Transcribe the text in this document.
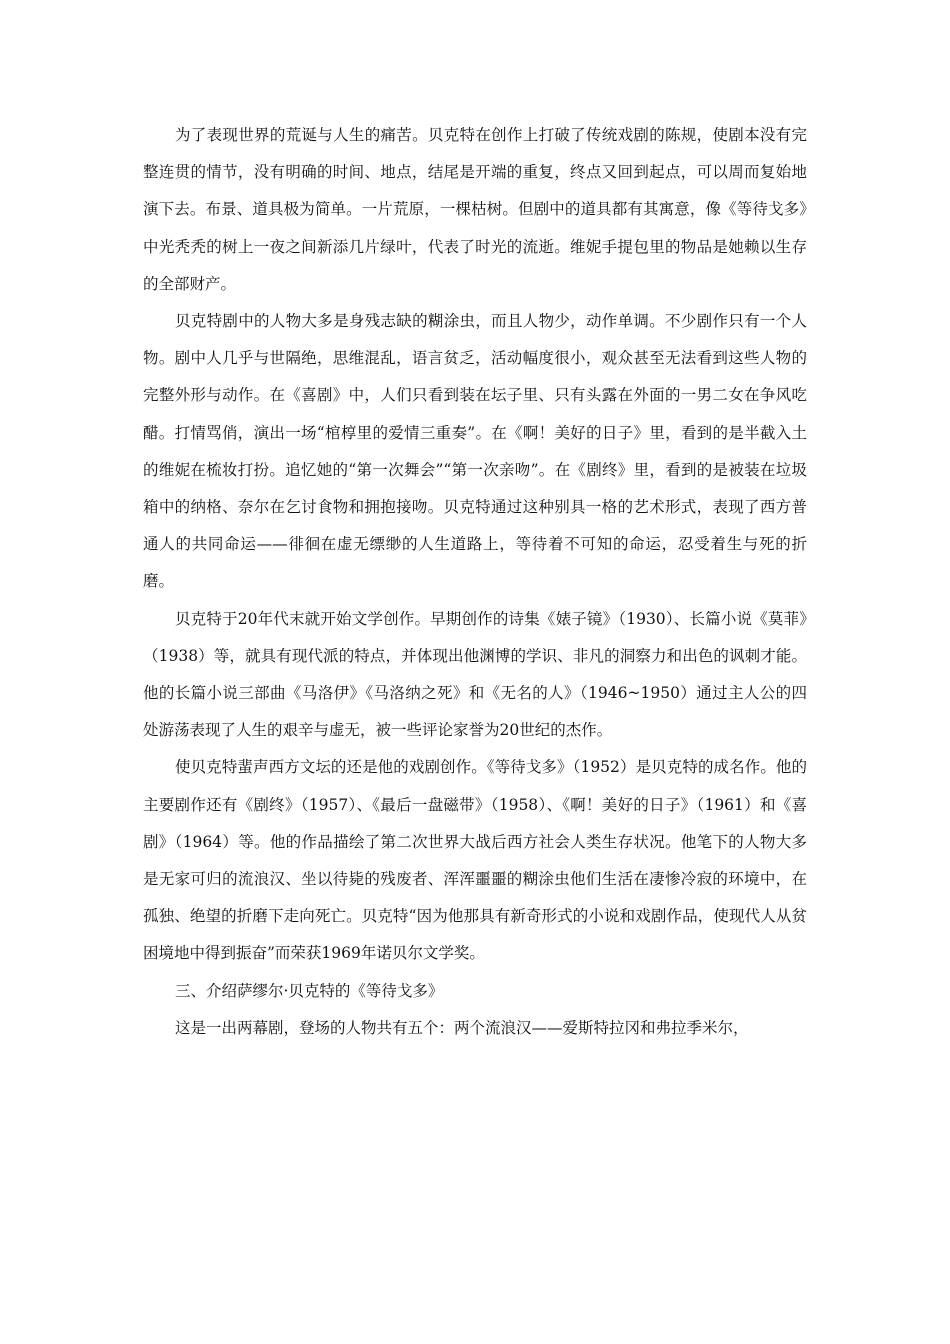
为了表现世界的荒诞与人生的痛苦。贝克特在创作上打破了传统戏剧的陈规，使剧本没有完整连贯的情节，没有明确的时间、地点，结尾是开端的重复，终点又回到起点，可以周而复始地演下去。布景、道具极为简单。一片荒原，一棵枯树。但剧中的道具都有其寓意，像《等待戈多》中光秃秃的树上一夜之间新添几片绿叶，代表了时光的流逝。维妮手提包里的物品是她赖以生存的全部财产。

贝克特剧中的人物大多是身残志缺的糊涂虫，而且人物少，动作单调。不少剧作只有一个人物。剧中人几乎与世隔绝，思维混乱，语言贫乏，活动幅度很小，观众甚至无法看到这些人物的完整外形与动作。在《喜剧》中，人们只看到装在坛子里、只有头露在外面的一男二女在争风吃醋。打情骂俏，演出一场“棺椁里的爱情三重奏”。在《啊！美好的日子》里，看到的是半截入土的维妮在梳妆打扮。追忆她的“第一次舞会”“第一次亲吻”。在《剧终》里，看到的是被装在垃圾箱中的纳格、奈尔在乞讨食物和拥抱接吻。贝克特通过这种别具一格的艺术形式，表现了西方普通人的共同命运——徘徊在虚无缥缈的人生道路上，等待着不可知的命运，忍受着生与死的折磨。

贝克特于20年代末就开始文学创作。早期创作的诗集《婊子镜》（1930）、长篇小说《莫菲》（1938）等，就具有现代派的特点，并体现出他渊博的学识、非凡的洞察力和出色的讽刺才能。他的长篇小说三部曲《马洛伊》《马洛纳之死》和《无名的人》（1946~1950）通过主人公的四处游荡表现了人生的艰辛与虚无，被一些评论家誉为20世纪的杰作。

使贝克特蜚声西方文坛的还是他的戏剧创作。《等待戈多》（1952）是贝克特的成名作。他的主要剧作还有《剧终》（1957）、《最后一盘磁带》（1958）、《啊！美好的日子》（1961）和《喜剧》（1964）等。他的作品描绘了第二次世界大战后西方社会人类生存状况。他笔下的人物大多是无家可归的流浪汉、坐以待毙的残废者、浑浑噩噩的糊涂虫他们生活在凄惨冷寂的环境中，在孤独、绝望的折磨下走向死亡。贝克特“因为他那具有新奇形式的小说和戏剧作品，使现代人从贫困境地中得到振奋”而荣获1969年诺贝尔文学奖。

三、介绍萨缪尔·贝克特的《等待戈多》

这是一出两幕剧，登场的人物共有五个：两个流浪汉——爱斯特拉冈和弗拉季米尔，
